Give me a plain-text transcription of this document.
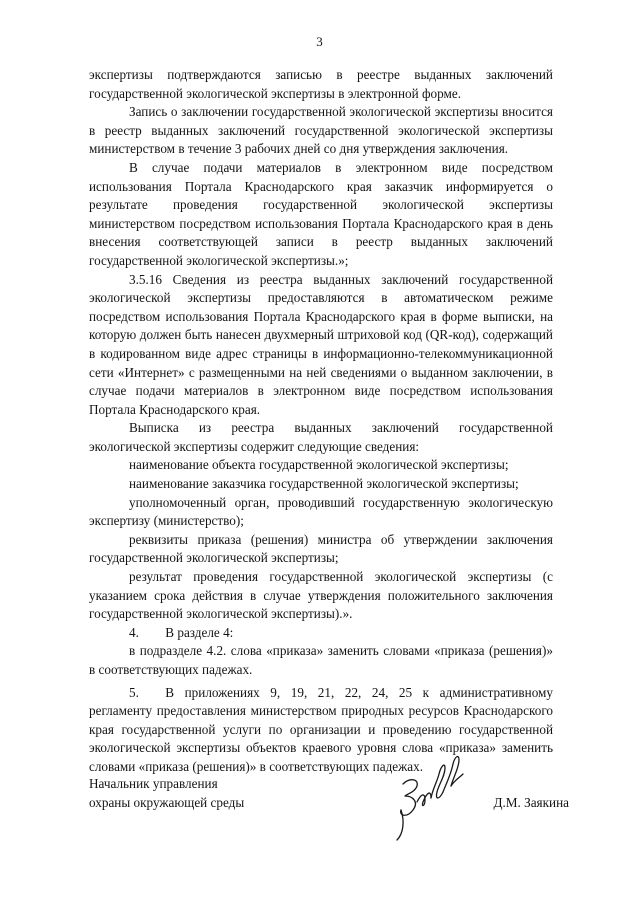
3

экспертизы подтверждаются записью в реестре выданных заключений государственной экологической экспертизы в электронной форме.

Запись о заключении государственной экологической экспертизы вносится в реестр выданных заключений государственной экологической экспертизы министерством в течение 3 рабочих дней со дня утверждения заключения.

В случае подачи материалов в электронном виде посредством использования Портала Краснодарского края заказчик информируется о результате проведения государственной экологической экспертизы министерством посредством использования Портала Краснодарского края в день внесения соответствующей записи в реестр выданных заключений государственной экологической экспертизы.»;

3.5.16 Сведения из реестра выданных заключений государственной экологической экспертизы предоставляются в автоматическом режиме посредством использования Портала Краснодарского края в форме выписки, на которую должен быть нанесен двухмерный штриховой код (QR-код), содержащий в кодированном виде адрес страницы в информационно-телекоммуникационной сети «Интернет» с размещенными на ней сведениями о выданном заключении, в случае подачи материалов в электронном виде посредством использования Портала Краснодарского края.

Выписка из реестра выданных заключений государственной экологической экспертизы содержит следующие сведения:

наименование объекта государственной экологической экспертизы;

наименование заказчика государственной экологической экспертизы;

уполномоченный орган, проводивший государственную экологическую экспертизу (министерство);

реквизиты приказа (решения) министра об утверждении заключения государственной экологической экспертизы;

результат проведения государственной экологической экспертизы (с указанием срока действия в случае утверждения положительного заключения государственной экологической экспертизы).».

4.  В разделе 4:

в подразделе 4.2. слова «приказа» заменить словами «приказа (решения)» в соответствующих падежах.

5.  В приложениях 9, 19, 21, 22, 24, 25 к административному регламенту предоставления министерством природных ресурсов Краснодарского края государственной услуги по организации и проведению государственной экологической экспертизы объектов краевого уровня слова «приказа» заменить словами «приказа (решения)» в соответствующих падежах.

Начальник управления
охраны окружающей среды	Д.М. Заякина
